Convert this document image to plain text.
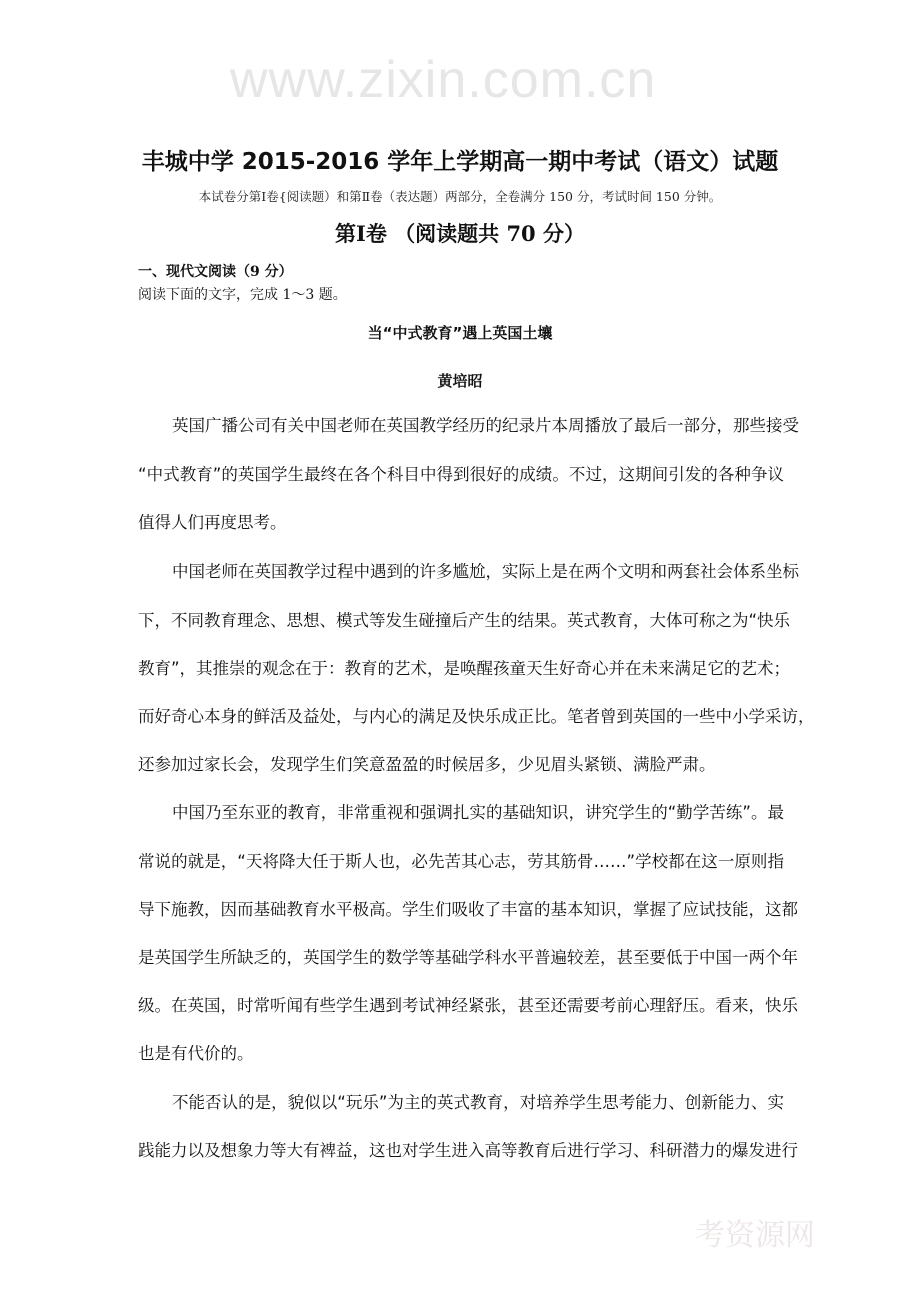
www.zixin.com.cn
考资源网
丰城中学 2015-2016 学年上学期高一期中考试（语文）试题
本试卷分第Ⅰ卷{阅读题）和第Ⅱ卷（表达题）两部分，全卷满分 150 分，考试时间 150 分钟。
第Ⅰ卷 （阅读题共 70 分）
一、现代文阅读（9 分）
阅读下面的文字，完成 1～3 题。
当“中式教育”遇上英国土壤
黄培昭
英国广播公司有关中国老师在英国教学经历的纪录片本周播放了最后一部分，那些接受
“中式教育”的英国学生最终在各个科目中得到很好的成绩。不过，这期间引发的各种争议
值得人们再度思考。
中国老师在英国教学过程中遇到的许多尴尬，实际上是在两个文明和两套社会体系坐标
下，不同教育理念、思想、模式等发生碰撞后产生的结果。英式教育，大体可称之为“快乐
教育”，其推崇的观念在于：教育的艺术，是唤醒孩童天生好奇心并在未来满足它的艺术；
而好奇心本身的鲜活及益处，与内心的满足及快乐成正比。笔者曾到英国的一些中小学采访，
还参加过家长会，发现学生们笑意盈盈的时候居多，少见眉头紧锁、满脸严肃。
中国乃至东亚的教育，非常重视和强调扎实的基础知识，讲究学生的“勤学苦练”。最
常说的就是，“天将降大任于斯人也，必先苦其心志，劳其筋骨……”学校都在这一原则指
导下施教，因而基础教育水平极高。学生们吸收了丰富的基本知识，掌握了应试技能，这都
是英国学生所缺乏的，英国学生的数学等基础学科水平普遍较差，甚至要低于中国一两个年
级。在英国，时常听闻有些学生遇到考试神经紧张，甚至还需要考前心理舒压。看来，快乐
也是有代价的。
不能否认的是，貌似以“玩乐”为主的英式教育，对培养学生思考能力、创新能力、实
践能力以及想象力等大有裨益，这也对学生进入高等教育后进行学习、科研潜力的爆发进行
